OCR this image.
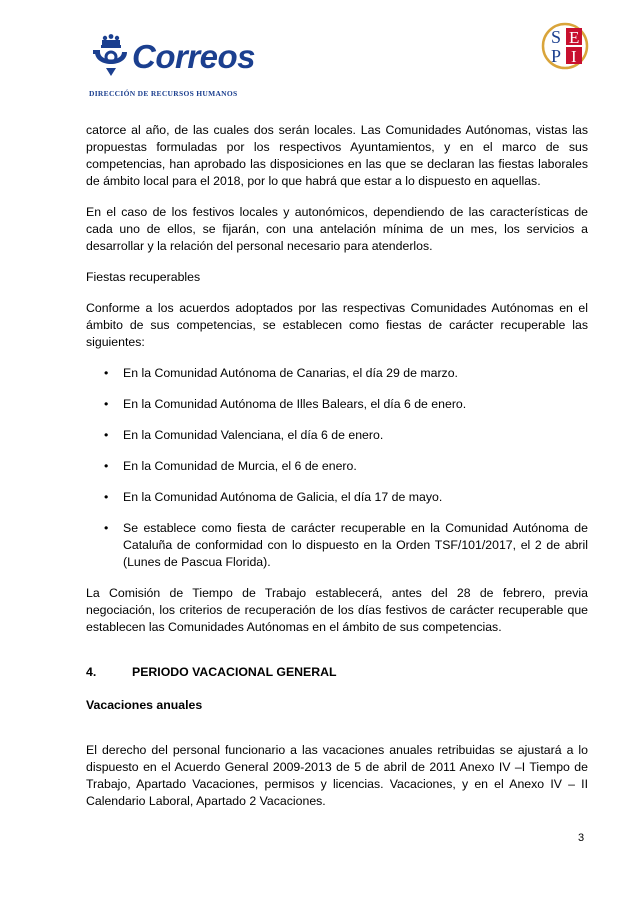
Correos
DIRECCIÓN DE RECURSOS HUMANOS
S E
P I

catorce al año, de las cuales dos serán locales. Las Comunidades Autónomas, vistas las propuestas formuladas por los respectivos Ayuntamientos, y en el marco de sus competencias, han aprobado las disposiciones en las que se declaran las fiestas laborales de ámbito local para el 2018, por lo que habrá que estar a lo dispuesto en aquellas.

En el caso de los festivos locales y autonómicos, dependiendo de las características de cada uno de ellos, se fijarán, con una antelación mínima de un mes, los servicios a desarrollar y la relación del personal necesario para atenderlos.

Fiestas recuperables

Conforme a los acuerdos adoptados por las respectivas Comunidades Autónomas en el ámbito de sus competencias, se establecen como fiestas de carácter recuperable las siguientes:

• En la Comunidad Autónoma de Canarias, el día 29 de marzo.
• En la Comunidad Autónoma de Illes Balears, el día 6 de enero.
• En la Comunidad Valenciana, el día 6 de enero.
• En la Comunidad de Murcia, el 6 de enero.
• En la Comunidad Autónoma de Galicia, el día 17 de mayo.
• Se establece como fiesta de carácter recuperable en la Comunidad Autónoma de Cataluña de conformidad con lo dispuesto en la Orden TSF/101/2017, el 2 de abril (Lunes de Pascua Florida).

La Comisión de Tiempo de Trabajo establecerá, antes del 28 de febrero, previa negociación, los criterios de recuperación de los días festivos de carácter recuperable que establecen las Comunidades Autónomas en el ámbito de sus competencias.

4.	PERIODO VACACIONAL GENERAL

Vacaciones anuales

El derecho del personal funcionario a las vacaciones anuales retribuidas se ajustará a lo dispuesto en el Acuerdo General 2009-2013 de 5 de abril de 2011 Anexo IV –I Tiempo de Trabajo, Apartado Vacaciones, permisos y licencias. Vacaciones, y en el Anexo IV – II Calendario Laboral, Apartado 2 Vacaciones.

3
